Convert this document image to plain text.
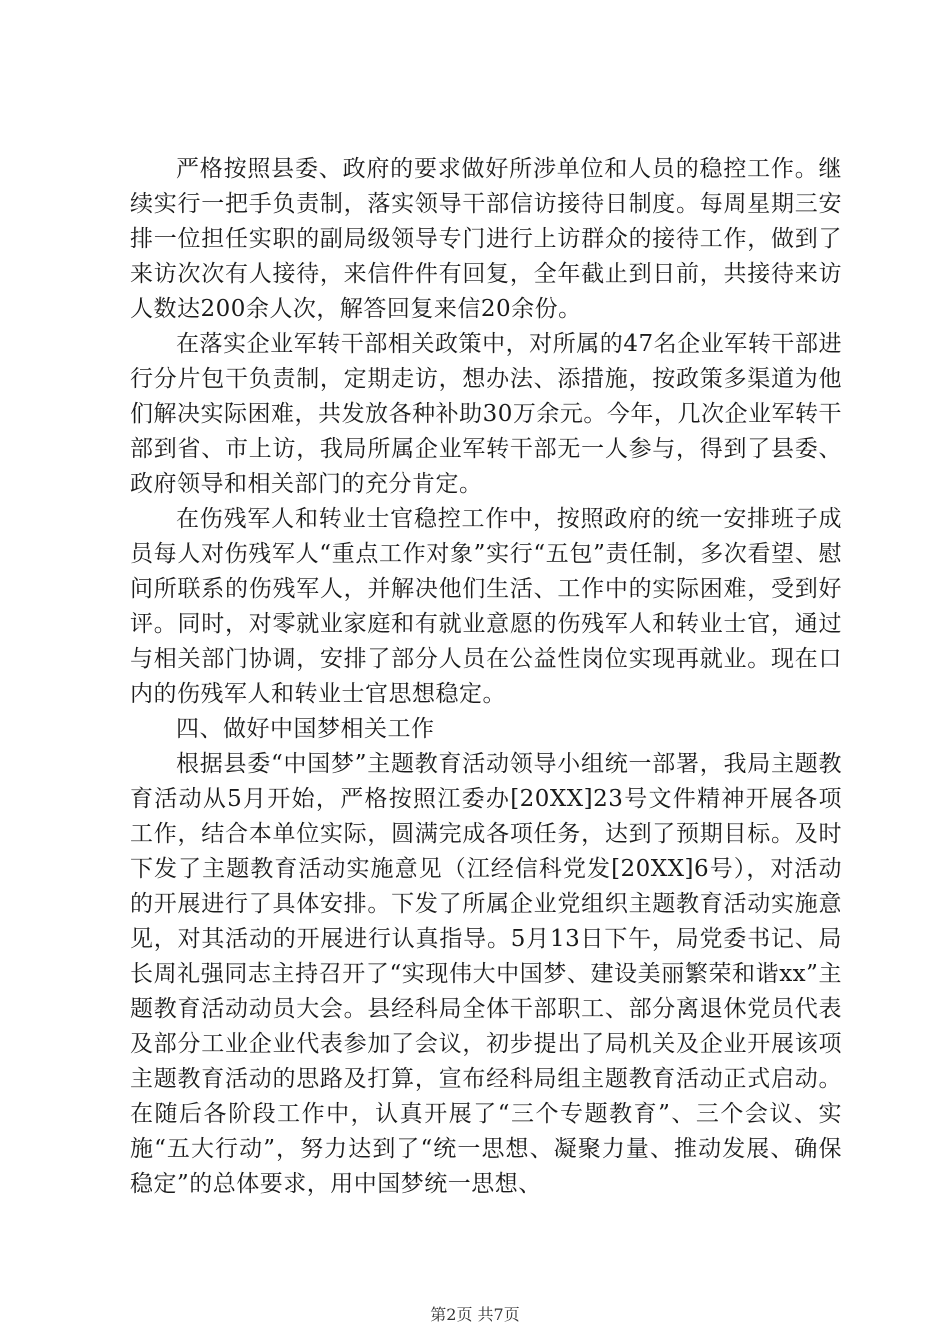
严格按照县委、政府的要求做好所涉单位和人员的稳控工作。继续实行一把手负责制，落实领导干部信访接待日制度。每周星期三安排一位担任实职的副局级领导专门进行上访群众的接待工作，做到了来访次次有人接待，来信件件有回复，全年截止到日前，共接待来访人数达200余人次，解答回复来信20余份。

在落实企业军转干部相关政策中，对所属的47名企业军转干部进行分片包干负责制，定期走访，想办法、添措施，按政策多渠道为他们解决实际困难，共发放各种补助30万余元。今年，几次企业军转干部到省、市上访，我局所属企业军转干部无一人参与，得到了县委、政府领导和相关部门的充分肯定。

在伤残军人和转业士官稳控工作中，按照政府的统一安排班子成员每人对伤残军人“重点工作对象”实行“五包”责任制，多次看望、慰问所联系的伤残军人，并解决他们生活、工作中的实际困难，受到好评。同时，对零就业家庭和有就业意愿的伤残军人和转业士官，通过与相关部门协调，安排了部分人员在公益性岗位实现再就业。现在口内的伤残军人和转业士官思想稳定。

四、做好中国梦相关工作

根据县委“中国梦”主题教育活动领导小组统一部署，我局主题教育活动从5月开始，严格按照江委办[20XX]23号文件精神开展各项工作，结合本单位实际，圆满完成各项任务，达到了预期目标。及时下发了主题教育活动实施意见（江经信科党发[20XX]6号），对活动的开展进行了具体安排。下发了所属企业党组织主题教育活动实施意见，对其活动的开展进行认真指导。5月13日下午，局党委书记、局长周礼强同志主持召开了“实现伟大中国梦、建设美丽繁荣和谐xx”主题教育活动动员大会。县经科局全体干部职工、部分离退休党员代表及部分工业企业代表参加了会议，初步提出了局机关及企业开展该项主题教育活动的思路及打算，宣布经科局组主题教育活动正式启动。在随后各阶段工作中，认真开展了“三个专题教育”、三个会议、实施“五大行动”，努力达到了“统一思想、凝聚力量、推动发展、确保稳定”的总体要求，用中国梦统一思想、

第2页 共7页
